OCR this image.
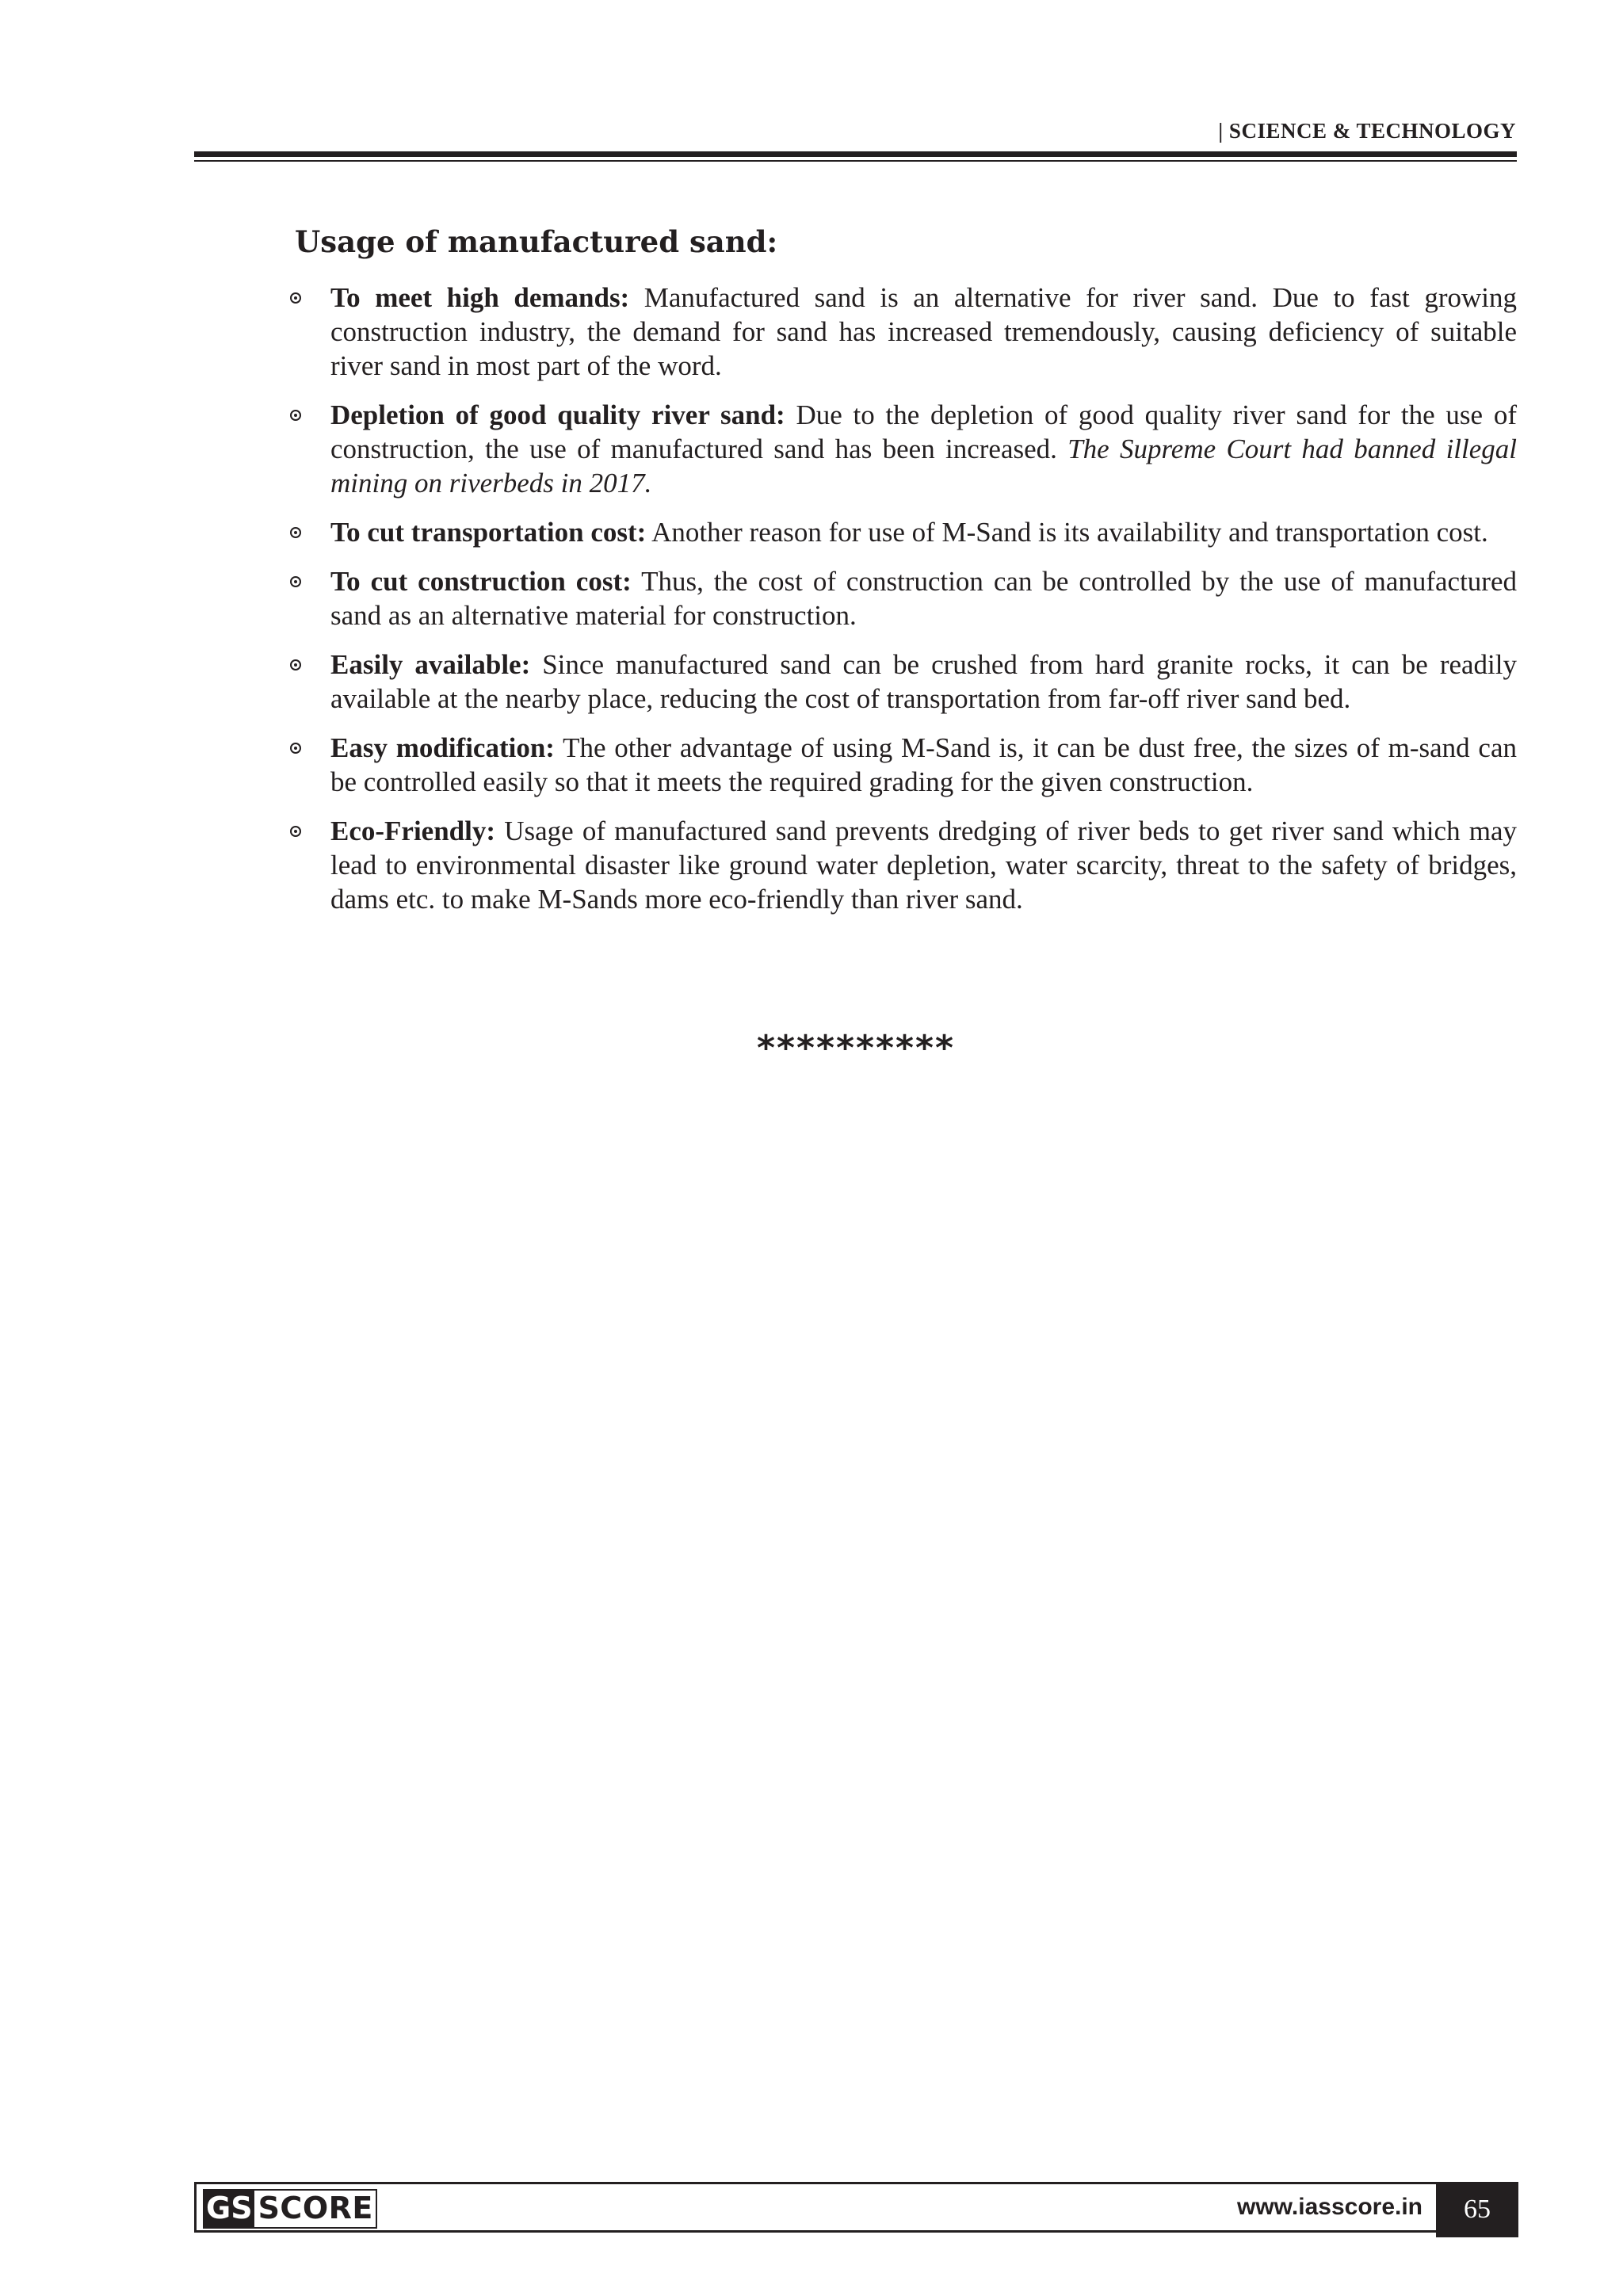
| SCIENCE & TECHNOLOGY
Usage of manufactured sand:
To meet high demands: Manufactured sand is an alternative for river sand. Due to fast growing construction industry, the demand for sand has increased tremendously, causing deficiency of suitable river sand in most part of the word.
Depletion of good quality river sand: Due to the depletion of good quality river sand for the use of construction, the use of manufactured sand has been increased. The Supreme Court had banned illegal mining on riverbeds in 2017.
To cut transportation cost: Another reason for use of M-Sand is its availability and transportation cost.
To cut construction cost: Thus, the cost of construction can be controlled by the use of manufactured sand as an alternative material for construction.
Easily available: Since manufactured sand can be crushed from hard granite rocks, it can be readily available at the nearby place, reducing the cost of transportation from far-off river sand bed.
Easy modification: The other advantage of using M-Sand is, it can be dust free, the sizes of m-sand can be controlled easily so that it meets the required grading for the given construction.
Eco-Friendly: Usage of manufactured sand prevents dredging of river beds to get river sand which may lead to environmental disaster like ground water depletion, water scarcity, threat to the safety of bridges, dams etc. to make M-Sands more eco-friendly than river sand.
**********
GS SCORE	www.iasscore.in	65
